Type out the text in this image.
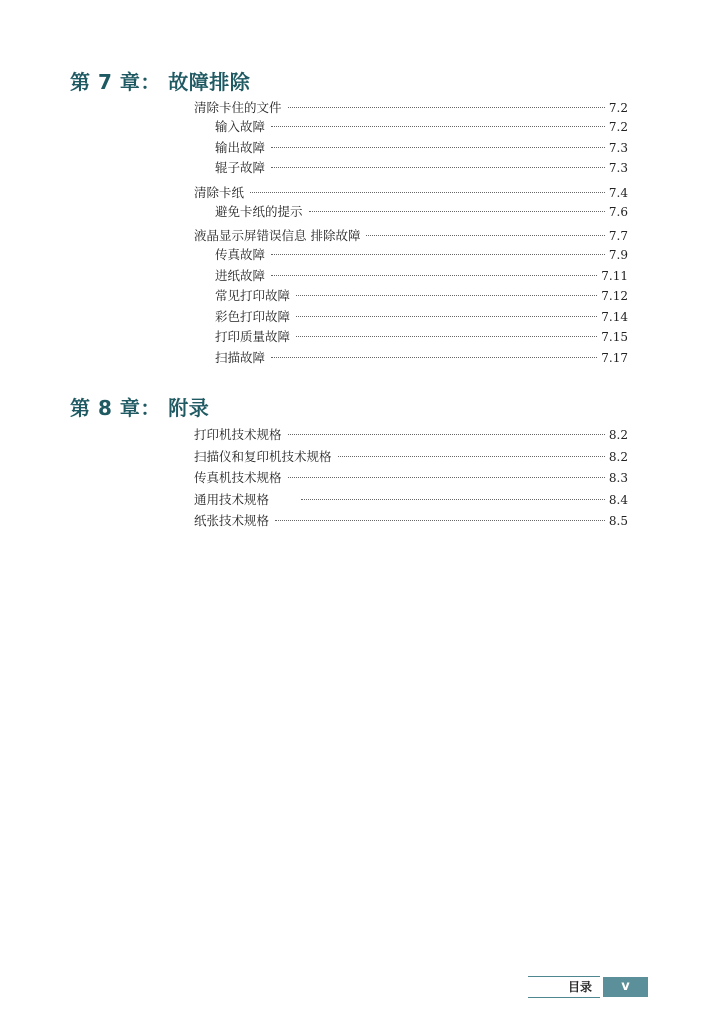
第 7 章： 故障排除
清除卡住的文件	7.2
输入故障	7.2
输出故障	7.3
辊子故障	7.3
清除卡纸	7.4
避免卡纸的提示	7.6
液晶显示屏错误信息 排除故障	7.7
传真故障	7.9
进纸故障	7.11
常见打印故障	7.12
彩色打印故障	7.14
打印质量故障	7.15
扫描故障	7.17
第 8 章： 附录
打印机技术规格	8.2
扫描仪和复印机技术规格	8.2
传真机技术规格	8.3
通用技术规格	8.4
纸张技术规格	8.5
目录	v
